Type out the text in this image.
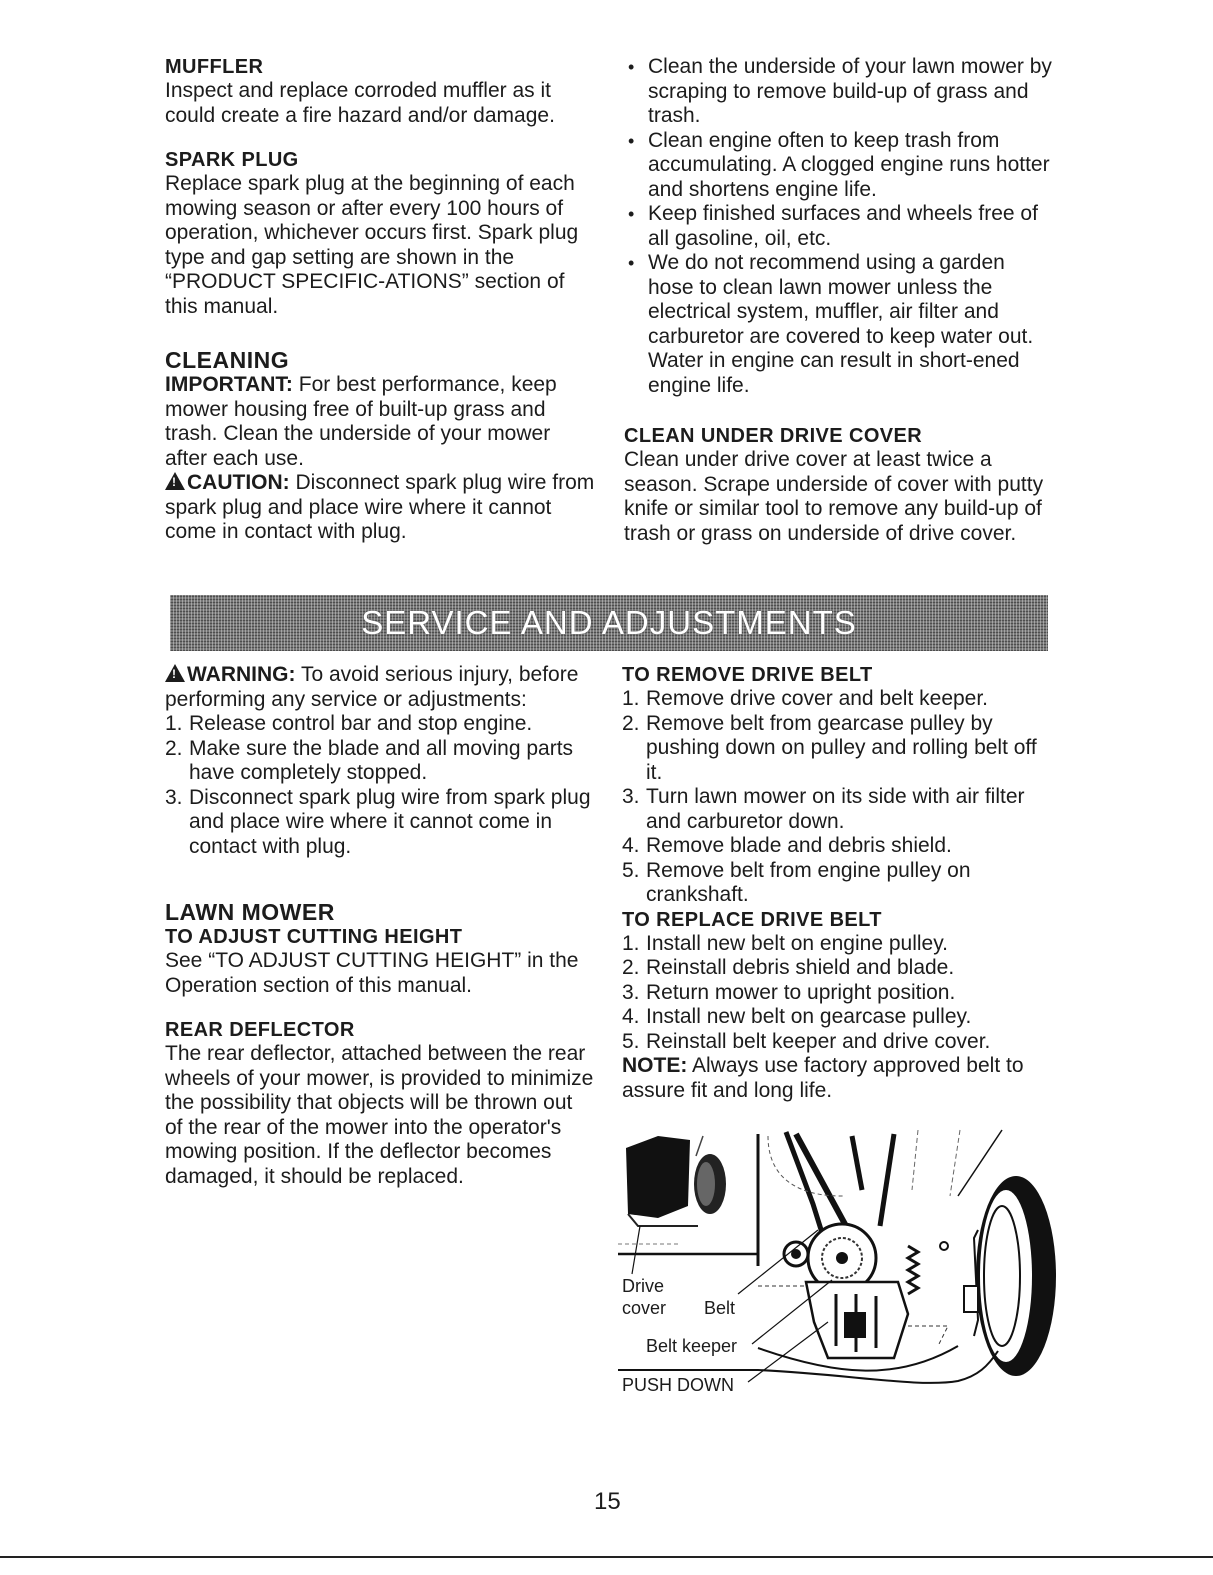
MUFFLER

Inspect and replace corroded muffler as it could create a fire hazard and/or damage.

SPARK PLUG

Replace spark plug at the beginning of each mowing season or after every 100 hours of operation, whichever occurs first. Spark plug type and gap setting are shown in the “PRODUCT SPECIFIC-ATIONS” section of this manual.

CLEANING

IMPORTANT: For best performance, keep mower housing free of built-up grass and trash. Clean the underside of your mower after each use.

!CAUTION: Disconnect spark plug wire from spark plug and place wire where it cannot come in contact with plug.

• Clean the underside of your lawn mower by scraping to remove build-up of grass and trash.
• Clean engine often to keep trash from accumulating. A clogged engine runs hotter and shortens engine life.
• Keep finished surfaces and wheels free of all gasoline, oil, etc.
• We do not recommend using a garden hose to clean lawn mower unless the electrical system, muffler, air filter and carburetor are covered to keep water out. Water in engine can result in short-ened engine life.

CLEAN UNDER DRIVE COVER

Clean under drive cover at least twice a season. Scrape underside of cover with putty knife or similar tool to remove any build-up of trash or grass on underside of drive cover.

SERVICE AND ADJUSTMENTS

!WARNING: To avoid serious injury, before performing any service or adjustments:

1. Release control bar and stop engine.
2. Make sure the blade and all moving parts have completely stopped.
3. Disconnect spark plug wire from spark plug and place wire where it cannot come in contact with plug.

LAWN MOWER

TO ADJUST CUTTING HEIGHT

See “TO ADJUST CUTTING HEIGHT” in the Operation section of this manual.

REAR DEFLECTOR

The rear deflector, attached between the rear wheels of your mower, is provided to minimize the possibility that objects will be thrown out of the rear of the mower into the operator's mowing position. If the deflector becomes damaged, it should be replaced.

TO REMOVE DRIVE BELT

1. Remove drive cover and belt keeper.
2. Remove belt from gearcase pulley by pushing down on pulley and rolling belt off it.
3. Turn lawn mower on its side with air filter and carburetor down.
4. Remove blade and debris shield.
5. Remove belt from engine pulley on crankshaft.

TO REPLACE DRIVE BELT

1. Install new belt on engine pulley.
2. Reinstall debris shield and blade.
3. Return mower to upright position.
4. Install new belt on gearcase pulley.
5. Reinstall belt keeper and drive cover.

NOTE: Always use factory approved belt to assure fit and long life.

Drive
cover Belt
Belt keeper
PUSH DOWN
15
